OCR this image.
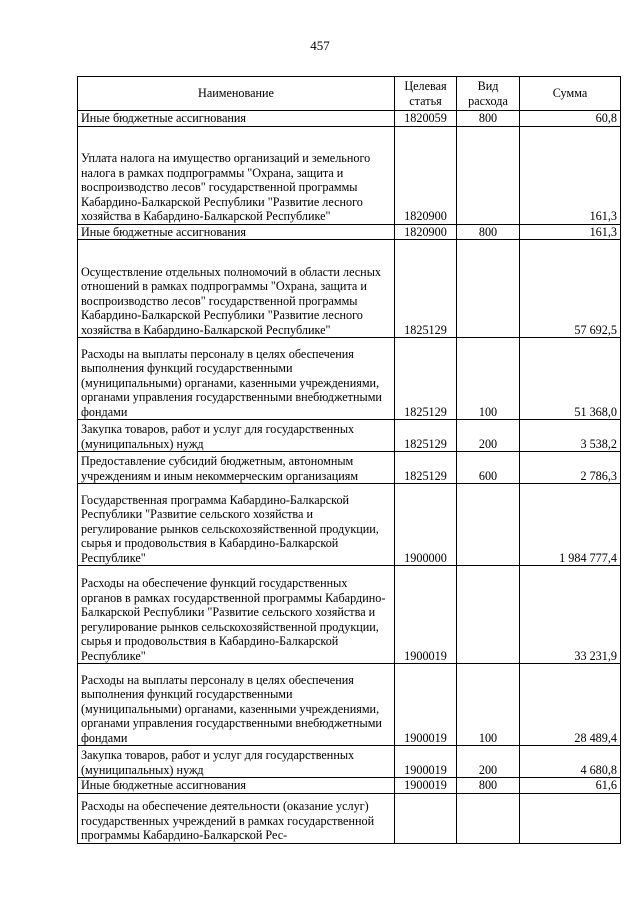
457
Наименование	Целевая статья	Вид расхода	Сумма
Иные бюджетные ассигнования	1820059	800	60,8
Уплата налога на имущество организаций и земельного налога в рамках подпрограммы "Охрана, защита и воспроизводство лесов" государственной программы Кабардино-Балкарской Республики "Развитие лесного хозяйства в Кабардино-Балкарской Республике"	1820900		161,3
Иные бюджетные ассигнования	1820900	800	161,3
Осуществление отдельных полномочий в области лесных отношений в рамках подпрограммы "Охрана, защита и воспроизводство лесов" государственной программы Кабардино-Балкарской Республики "Развитие лесного хозяйства в Кабардино-Балкарской Республике"	1825129		57 692,5
Расходы на выплаты персоналу в целях обеспечения выполнения функций государственными (муниципальными) органами, казенными учреждениями, органами управления государственными внебюджетными фондами	1825129	100	51 368,0
Закупка товаров, работ и услуг для государственных (муниципальных) нужд	1825129	200	3 538,2
Предоставление субсидий бюджетным, автономным учреждениям и иным некоммерческим организациям	1825129	600	2 786,3
Государственная программа Кабардино-Балкарской Республики "Развитие сельского хозяйства и регулирование рынков сельскохозяйственной продукции, сырья и продовольствия в Кабардино-Балкарской Республике"	1900000		1 984 777,4
Расходы на обеспечение функций государственных органов в рамках государственной программы Кабардино-Балкарской Республики "Развитие сельского хозяйства и регулирование рынков сельскохозяйственной продукции, сырья и продовольствия в Кабардино-Балкарской Республике"	1900019		33 231,9
Расходы на выплаты персоналу в целях обеспечения выполнения функций государственными (муниципальными) органами, казенными учреждениями, органами управления государственными внебюджетными фондами	1900019	100	28 489,4
Закупка товаров, работ и услуг для государственных (муниципальных) нужд	1900019	200	4 680,8
Иные бюджетные ассигнования	1900019	800	61,6
Расходы на обеспечение деятельности (оказание услуг) государственных учреждений в рамках государственной программы Кабардино-Балкарской Рес-			
